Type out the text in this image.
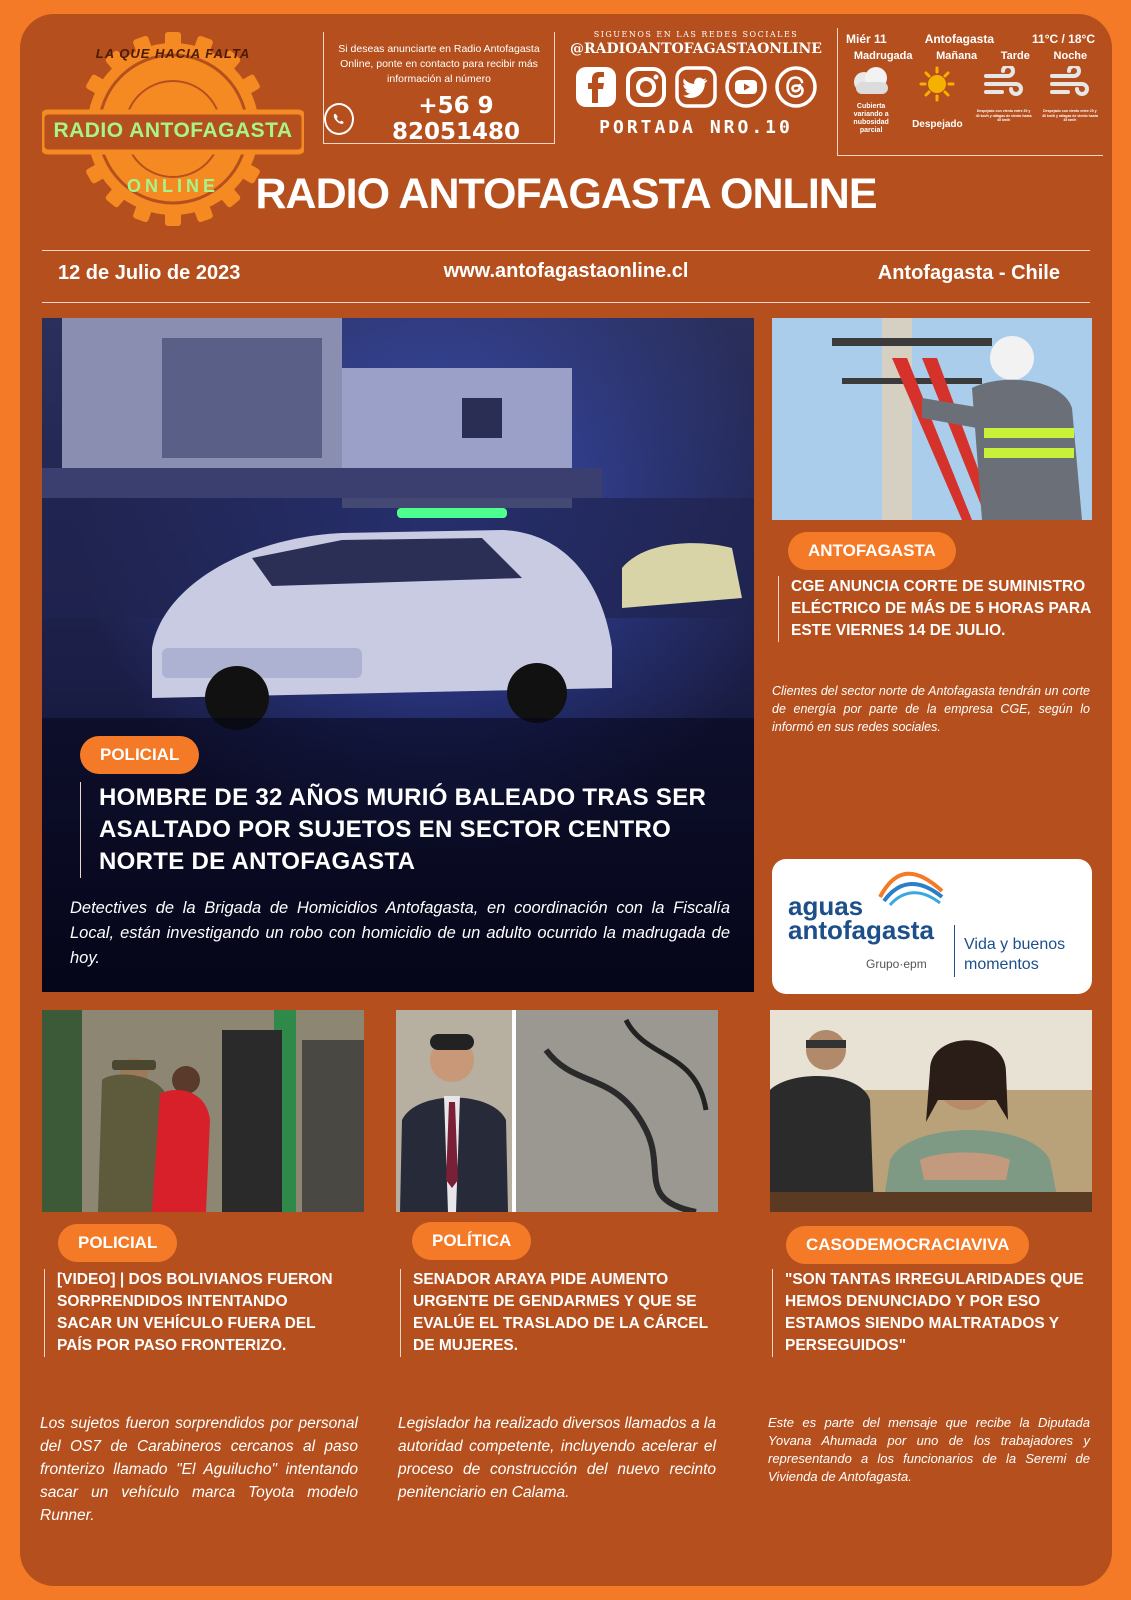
LA QUE HACIA FALTA
RADIO ANTOFAGASTA
ONLINE
Si deseas anunciarte en Radio Antofagasta Online, ponte en contacto para recibir más información al número
+56 9 82051480
SIGUENOS EN LAS REDES SOCIALES
@RADIOANTOFAGASTAONLINE
PORTADA NRO.10
Miér 11	Antofagasta	11°C / 18°C
Madrugada Mañana Tarde Noche
Cubierta variando a nubosidad parcial
Despejado
Despejado con viento entre 20 y 40 km/h y ráfagas de viento hasta 45 km/h
Despejado con viento entre 20 y 40 km/h y ráfagas de viento hasta 45 km/h
RADIO ANTOFAGASTA ONLINE
12 de Julio de 2023	www.antofagastaonline.cl	Antofagasta - Chile
POLICIAL
HOMBRE DE 32 AÑOS MURIÓ BALEADO TRAS SER ASALTADO POR SUJETOS EN SECTOR CENTRO NORTE DE ANTOFAGASTA
Detectives de la Brigada de Homicidios Antofagasta, en coordinación con la Fiscalía Local, están investigando un robo con homicidio de un adulto ocurrido la madrugada de hoy.
ANTOFAGASTA
CGE ANUNCIA CORTE DE SUMINISTRO ELÉCTRICO DE MÁS DE 5 HORAS PARA ESTE VIERNES 14 DE JULIO.
Clientes del sector norte de Antofagasta tendrán un corte de energía por parte de la empresa CGE, según lo informó en sus redes sociales.
aguas
antofagasta
Grupo·epm
Vida y buenos
momentos
POLICIAL	POLÍTICA	CASODEMOCRACIAVIVA
[VIDEO] | DOS BOLIVIANOS FUERON SORPRENDIDOS INTENTANDO SACAR UN VEHÍCULO FUERA DEL PAÍS POR PASO FRONTERIZO.
SENADOR ARAYA PIDE AUMENTO URGENTE DE GENDARMES Y QUE SE EVALÚE EL TRASLADO DE LA CÁRCEL DE MUJERES.
"SON TANTAS IRREGULARIDADES QUE HEMOS DENUNCIADO Y POR ESO ESTAMOS SIENDO MALTRATADOS Y PERSEGUIDOS"
Los sujetos fueron sorprendidos por personal del OS7 de Carabineros cercanos al paso fronterizo llamado "El Aguilucho" intentando sacar un vehículo marca Toyota modelo Runner.
Legislador ha realizado diversos llamados a la autoridad competente, incluyendo acelerar el proceso de construcción del nuevo recinto penitenciario en Calama.
Este es parte del mensaje que recibe la Diputada Yovana Ahumada por uno de los trabajadores y representando a los funcionarios de la Seremi de Vivienda de Antofagasta.
